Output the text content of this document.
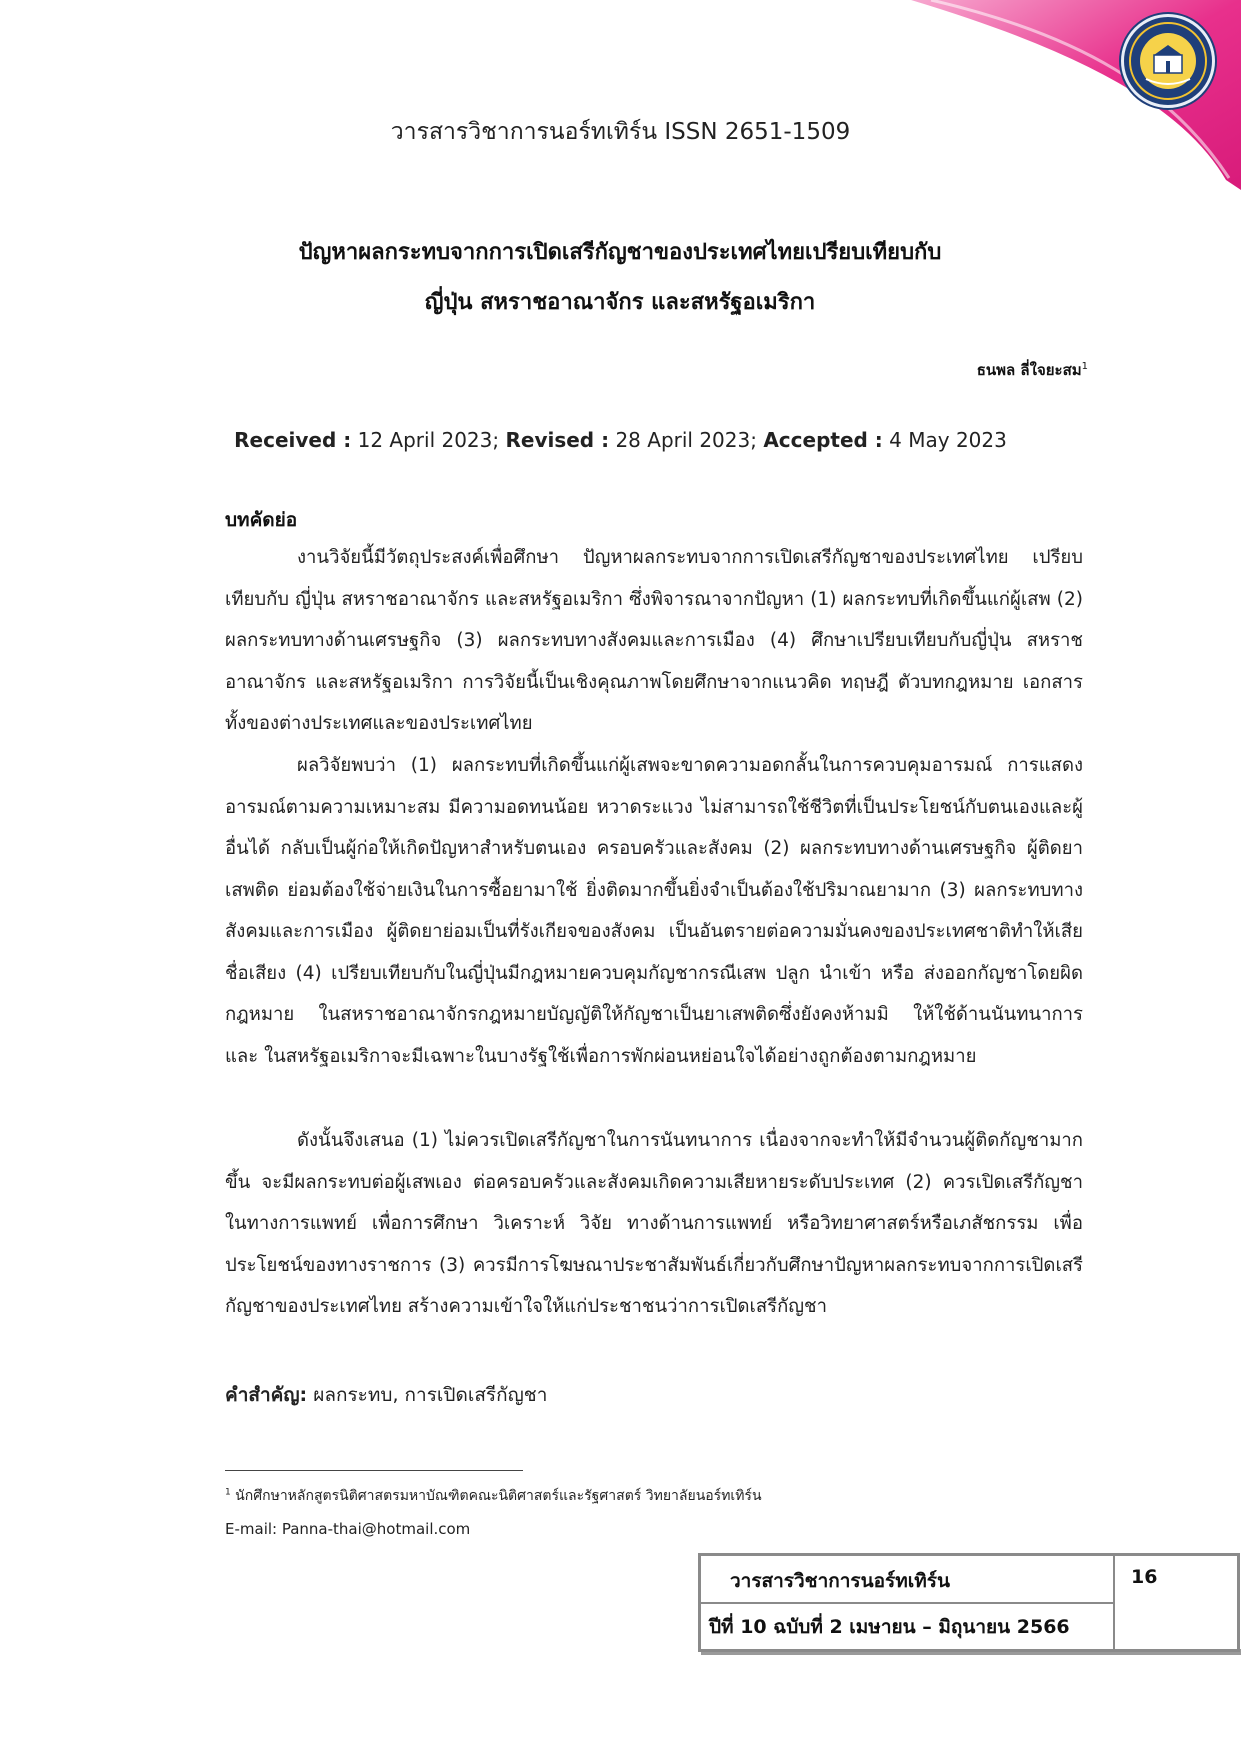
วารสารวิชาการนอร์ทเทิร์น ISSN 2651-1509
ปัญหาผลกระทบจากการเปิดเสรีกัญชาของประเทศไทยเปรียบเทียบกับ
ญี่ปุ่น สหราชอาณาจักร และสหรัฐอเมริกา
ธนพล ลี่ใจยะสม$^1$
Received : 12 April 2023; Revised : 28 April 2023; Accepted : 4 May 2023
บทคัดย่อ

งานวิจัยนี้มีวัตถุประสงค์เพื่อศึกษา ปัญหาผลกระทบจากการเปิดเสรีกัญชาของประเทศไทย เปรียบเทียบกับ ญี่ปุ่น สหราชอาณาจักร และสหรัฐอเมริกา ซึ่งพิจารณาจากปัญหา (1) ผลกระทบที่เกิดขึ้นแก่ผู้เสพ (2) ผลกระทบทางด้านเศรษฐกิจ (3) ผลกระทบทางสังคมและการเมือง (4) ศึกษาเปรียบเทียบกับญี่ปุ่น สหราชอาณาจักร และสหรัฐอเมริกา การวิจัยนี้เป็นเชิงคุณภาพโดยศึกษาจากแนวคิด ทฤษฎี ตัวบทกฎหมาย เอกสาร ทั้งของต่างประเทศและของประเทศไทย

ผลวิจัยพบว่า (1) ผลกระทบที่เกิดขึ้นแก่ผู้เสพจะขาดความอดกลั้นในการควบคุมอารมณ์ การแสดงอารมณ์ตามความเหมาะสม มีความอดทนน้อย หวาดระแวง ไม่สามารถใช้ชีวิตที่เป็นประโยชน์กับตนเองและผู้อื่นได้ กลับเป็นผู้ก่อให้เกิดปัญหาสำหรับตนเอง ครอบครัวและสังคม (2) ผลกระทบทางด้านเศรษฐกิจ ผู้ติดยาเสพติด ย่อมต้องใช้จ่ายเงินในการซื้อยามาใช้ ยิ่งติดมากขึ้นยิ่งจำเป็นต้องใช้ปริมาณยามาก (3) ผลกระทบทางสังคมและการเมือง ผู้ติดยาย่อมเป็นที่รังเกียจของสังคม เป็นอันตรายต่อความมั่นคงของประเทศชาติทำให้เสียชื่อเสียง (4) เปรียบเทียบกับในญี่ปุ่นมีกฎหมายควบคุมกัญชากรณีเสพ ปลูก นำเข้า หรือ ส่งออกกัญชาโดยผิดกฎหมาย ในสหราชอาณาจักรกฎหมายบัญญัติให้กัญชาเป็นยาเสพติดซึ่งยังคงห้ามมิ ให้ใช้ด้านนันทนาการ และ ในสหรัฐอเมริกาจะมีเฉพาะในบางรัฐใช้เพื่อการพักผ่อนหย่อนใจได้อย่างถูกต้องตามกฎหมาย

ดังนั้นจึงเสนอ (1) ไม่ควรเปิดเสรีกัญชาในการนันทนาการ เนื่องจากจะทำให้มีจำนวนผู้ติดกัญชามากขึ้น จะมีผลกระทบต่อผู้เสพเอง ต่อครอบครัวและสังคมเกิดความเสียหายระดับประเทศ (2) ควรเปิดเสรีกัญชาในทางการแพทย์ เพื่อการศึกษา วิเคราะห์ วิจัย ทางด้านการแพทย์ หรือวิทยาศาสตร์หรือเภสัชกรรม เพื่อประโยชน์ของทางราชการ (3) ควรมีการโฆษณาประชาสัมพันธ์เกี่ยวกับศึกษาปัญหาผลกระทบจากการเปิดเสรีกัญชาของประเทศไทย สร้างความเข้าใจให้แก่ประชาชนว่าการเปิดเสรีกัญชา

คำสำคัญ: ผลกระทบ, การเปิดเสรีกัญชา
$^1$ นักศึกษาหลักสูตรนิติศาสตรมหาบัณฑิตคณะนิติศาสตร์และรัฐศาสตร์ วิทยาลัยนอร์ทเทิร์น
E-mail: Panna-thai@hotmail.com
วารสารวิชาการนอร์ทเทิร์น
ปีที่ 10 ฉบับที่ 2 เมษายน – มิถุนายน 2566
16
